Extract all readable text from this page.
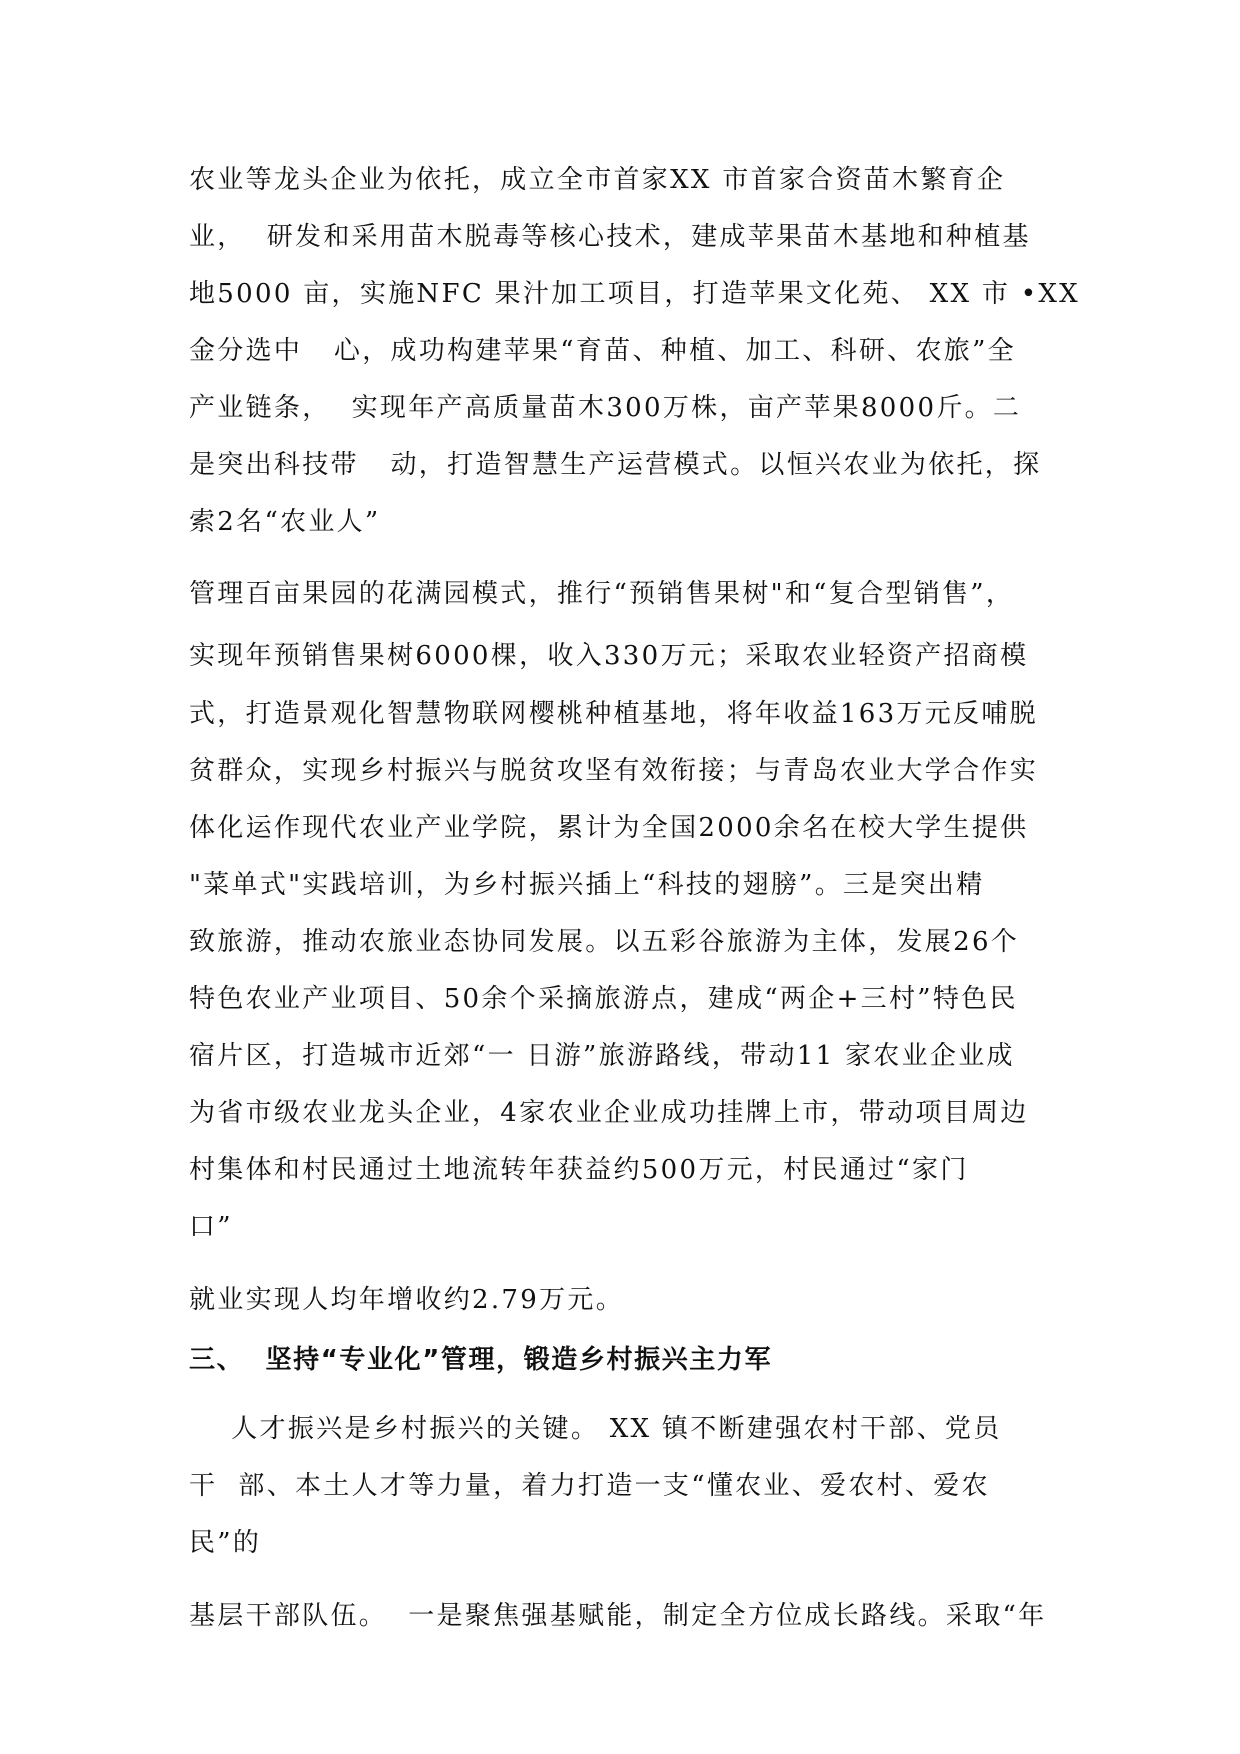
农业等龙头企业为依托，成立全市首家XX 市首家合资苗木繁育企

业，  研发和采用苗木脱毒等核心技术，建成苹果苗木基地和种植基

地5000 亩，实施NFC 果汁加工项目，打造苹果文化苑、 XX 市 •XX

金分选中   心，成功构建苹果“育苗、种植、加工、科研、农旅”全

产业链条，  实现年产高质量苗木300万株，亩产苹果8000斤。二

是突出科技带   动，打造智慧生产运营模式。以恒兴农业为依托，探

索2名“农业人”

管理百亩果园的花满园模式，推行“预销售果树"和“复合型销售”，

实现年预销售果树6000棵，收入330万元；采取农业轻资产招商模

式，打造景观化智慧物联网樱桃种植基地，将年收益163万元反哺脱

贫群众，实现乡村振兴与脱贫攻坚有效衔接；与青岛农业大学合作实

体化运作现代农业产业学院，累计为全国2000余名在校大学生提供

"菜单式"实践培训，为乡村振兴插上“科技的翅膀”。三是突出精

致旅游，推动农旅业态协同发展。以五彩谷旅游为主体，发展26个

特色农业产业项目、50余个采摘旅游点，建成“两企+三村”特色民

宿片区，打造城市近郊“一 日游”旅游路线，带动11 家农业企业成

为省市级农业龙头企业，4家农业企业成功挂牌上市，带动项目周边

村集体和村民通过土地流转年获益约500万元，村民通过“家门

口”

就业实现人均年增收约2.79万元。

三、  坚持“专业化”管理，锻造乡村振兴主力军

人才振兴是乡村振兴的关键。 XX 镇不断建强农村干部、党员

干  部、本土人才等力量，着力打造一支“懂农业、爱农村、爱农

民”的

基层干部队伍。  一是聚焦强基赋能，制定全方位成长路线。采取“年
